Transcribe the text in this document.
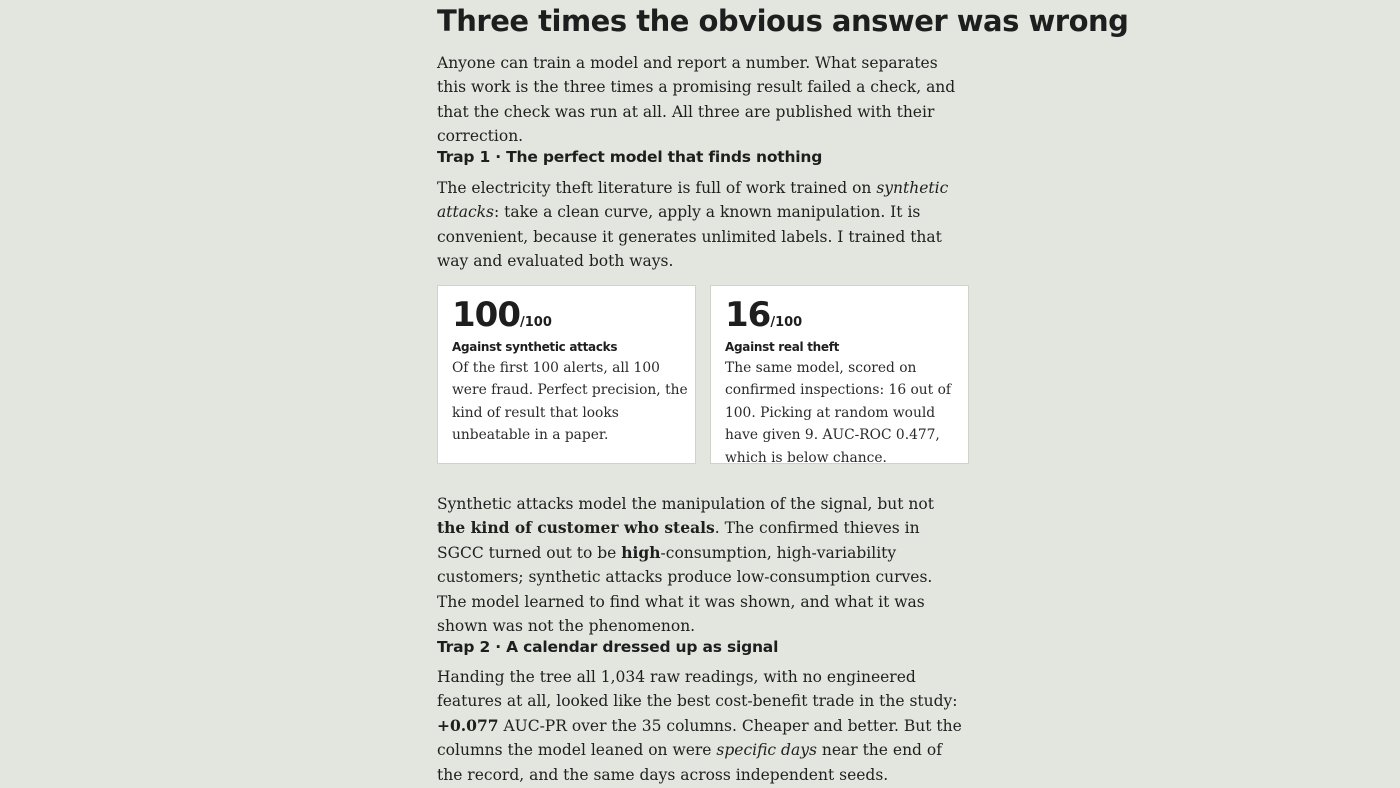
Three times the obvious answer was wrong

Anyone can train a model and report a number. What separates this work is the three times a promising result failed a check, and that the check was run at all. All three are published with their correction.

Trap 1 · The perfect model that finds nothing

The electricity theft literature is full of work trained on synthetic attacks: take a clean curve, apply a known manipulation. It is convenient, because it generates unlimited labels. I trained that way and evaluated both ways.

100/100
Against synthetic attacks
Of the first 100 alerts, all 100 were fraud. Perfect precision, the kind of result that looks unbeatable in a paper.
16/100
Against real theft
The same model, scored on confirmed inspections: 16 out of 100. Picking at random would have given 9. AUC-ROC 0.477, which is below chance.

Synthetic attacks model the manipulation of the signal, but not the kind of customer who steals. The confirmed thieves in SGCC turned out to be high-consumption, high-variability customers; synthetic attacks produce low-consumption curves. The model learned to find what it was shown, and what it was shown was not the phenomenon.

Trap 2 · A calendar dressed up as signal

Handing the tree all 1,034 raw readings, with no engineered features at all, looked like the best cost-benefit trade in the study: +0.077 AUC-PR over the 35 columns. Cheaper and better. But the columns the model leaned on were specific days near the end of the record, and the same days across independent seeds.
